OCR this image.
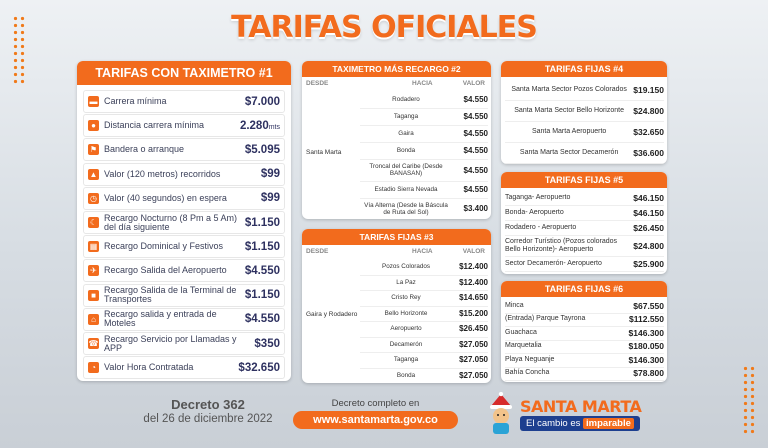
TARIFAS OFICIALES
TARIFAS CON TAXIMETRO #1
▬ Carrera mínima	$7.000
● Distancia carrera mínima	2.280mts
⚑ Bandera o arranque	$5.095
▲ Valor (120 metros) recorridos	$99
◷ Valor (40 segundos) en espera	$99
☾ Recargo Nocturno (8 Pm a 5 Am) del día siguiente	$1.150
▦ Recargo Dominical y Festivos	$1.150
✈ Recargo Salida del Aeropuerto	$4.550
■ Recargo Salida de la Terminal de Transportes	$1.150
⌂ Recargo salida y entrada de Moteles	$4.550
☎ Recargo Servicio por Llamadas y APP	$350
◔ Valor Hora Contratada	$32.650
TAXIMETRO MÁS RECARGO #2
DESDE	HACIA	VALOR
Santa Marta
Rodadero	$4.550
Taganga	$4.550
Gaira	$4.550
Bonda	$4.550
Troncal del Caribe (Desde BANASAN)	$4.550
Estadio Sierra Nevada	$4.550
Vía Alterna (Desde la Báscula de Ruta del Sol)	$3.400
TARIFAS FIJAS #3
DESDE	HACIA	VALOR
Gaira y Rodadero
Pozos Colorados	$12.400
La Paz	$12.400
Cristo Rey	$14.650
Bello Horizonte	$15.200
Aeropuerto	$26.450
Decamerón	$27.050
Taganga	$27.050
Bonda	$27.050
TARIFAS FIJAS #4
Santa Marta Sector Pozos Colorados $19.150
Santa Marta Sector Bello Horizonte	$24.800
Santa Marta Aeropuerto	$32.650
Santa Marta Sector Decamerón	$36.600
TARIFAS FIJAS #5
Taganga- Aeropuerto	$46.150
Bonda- Aeropuerto	$46.150
Rodadero - Aeropuerto	$26.450
Corredor Turístico (Pozos colorados Bello Horizonte)- Aeropuerto	$24.800
Sector Decamerón- Aeropuerto	$25.900
TARIFAS FIJAS #6
Minca	$67.550
(Entrada) Parque Tayrona	$112.550
Guachaca	$146.300
Marquetalia	$180.050
Playa Neguanje	$146.300
Bahía Concha	$78.800
Decreto 362
del 26 de diciembre 2022
Decreto completo en
www.santamarta.gov.co
SANTA MARTA
El cambio es imparable
